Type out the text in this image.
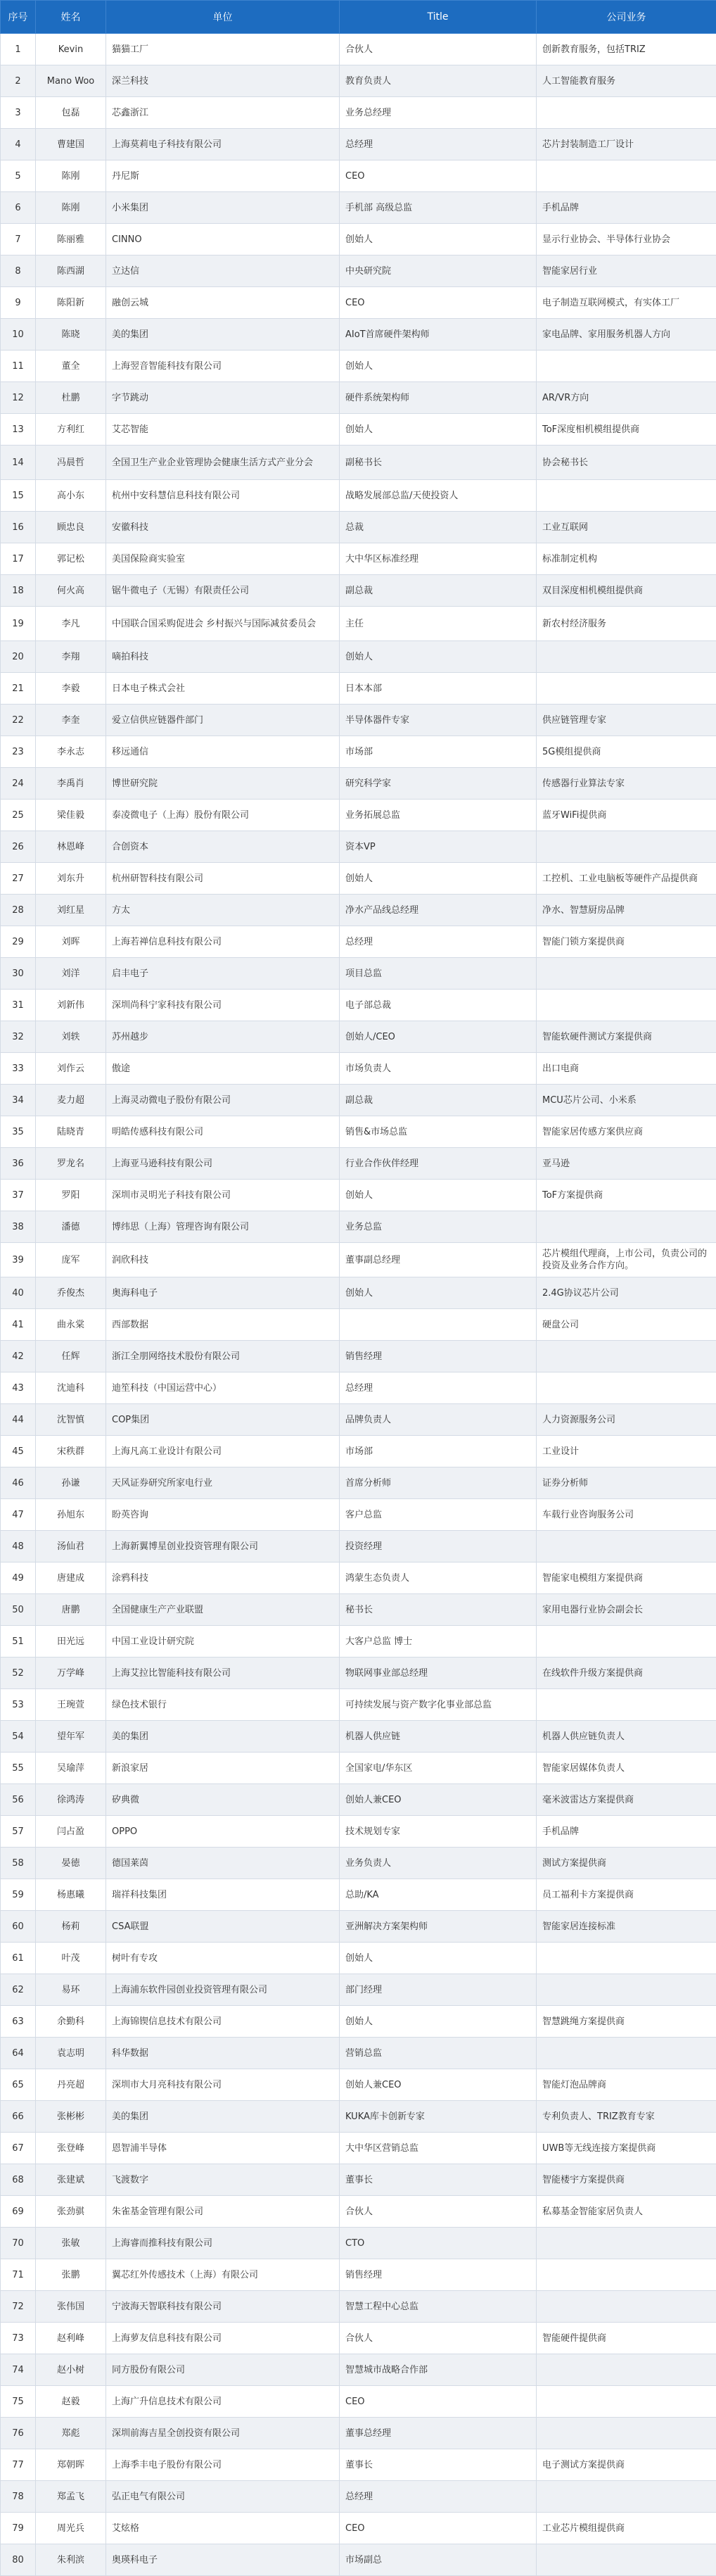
序号	姓名	单位	Title	公司业务
1	Kevin	猫猫工厂	合伙人	创新教育服务，包括TRIZ
2	Mano Woo	深兰科技	教育负责人	人工智能教育服务
3	包磊	芯鑫浙江	业务总经理	
4	曹建国	上海莫莉电子科技有限公司	总经理	芯片封装制造工厂设计
5	陈刚	丹尼斯	CEO	
6	陈刚	小米集团	手机部 高级总监	手机品牌
7	陈丽雅	CINNO	创始人	显示行业协会、半导体行业协会
8	陈西湖	立达信	中央研究院	智能家居行业
9	陈阳新	融创云城	CEO	电子制造互联网模式，有实体工厂
10	陈晓	美的集团	AIoT首席硬件架构师	家电品牌、家用服务机器人方向
11	董全	上海翌音智能科技有限公司	创始人	
12	杜鹏	字节跳动	硬件系统架构师	AR/VR方向
13	方利红	艾芯智能	创始人	ToF深度相机模组提供商
14	冯晨哲	全国卫生产业企业管理协会健康生活方式产业分会	副秘书长	协会秘书长
15	高小东	杭州中安科慧信息科技有限公司	战略发展部总监/天使投资人	
16	顾忠良	安徽科技	总裁	工业互联网
17	郭记松	美国保险商实验室	大中华区标准经理	标准制定机构
18	何火高	锯牛微电子（无锡）有限责任公司	副总裁	双目深度相机模组提供商
19	李凡	中国联合国采购促进会 乡村振兴与国际减贫委员会	主任	新农村经济服务
20	李翔	嘀拍科技	创始人	
21	李毅	日本电子株式会社	日本本部	
22	李奎	爱立信供应链器件部门	半导体器件专家	供应链管理专家
23	李永志	移远通信	市场部	5G模组提供商
24	李禹肖	博世研究院	研究科学家	传感器行业算法专家
25	梁佳毅	泰凌微电子（上海）股份有限公司	业务拓展总监	蓝牙WiFi提供商
26	林恩峰	合创资本	资本VP	
27	刘东升	杭州研智科技有限公司	创始人	工控机、工业电脑板等硬件产品提供商
28	刘红星	方太	净水产品线总经理	净水、智慧厨房品牌
29	刘晖	上海若禅信息科技有限公司	总经理	智能门锁方案提供商
30	刘洋	启丰电子	项目总监	
31	刘新伟	深圳尚科宁家科技有限公司	电子部总裁	
32	刘轶	苏州越步	创始人/CEO	智能软硬件测试方案提供商
33	刘作云	傲途	市场负责人	出口电商
34	麦力超	上海灵动微电子股份有限公司	副总裁	MCU芯片公司、小米系
35	陆晓青	明皓传感科技有限公司	销售&市场总监	智能家居传感方案供应商
36	罗龙名	上海亚马逊科技有限公司	行业合作伙伴经理	亚马逊
37	罗阳	深圳市灵明光子科技有限公司	创始人	ToF方案提供商
38	潘德	博纬思（上海）管理咨询有限公司	业务总监	
39	庞军	润欣科技	董事副总经理	芯片模组代理商，上市公司，负责公司的投资及业务合作方向。
40	乔俊杰	奥海科电子	创始人	2.4G协议芯片公司
41	曲永棠	西部数据		硬盘公司
42	任辉	浙江全朋网络技术股份有限公司	销售经理	
43	沈迪科	迪笙科技（中国运营中心）	总经理	
44	沈智慎	COP集团	品牌负责人	人力资源服务公司
45	宋秩群	上海凡高工业设计有限公司	市场部	工业设计
46	孙谦	天风证券研究所家电行业	首席分析师	证券分析师
47	孙旭东	盼英咨询	客户总监	车载行业咨询服务公司
48	汤仙君	上海新翼博星创业投资管理有限公司	投资经理	
49	唐建成	涂鸦科技	鸿蒙生态负责人	智能家电模组方案提供商
50	唐鹏	全国健康生产产业联盟	秘书长	家用电器行业协会副会长
51	田光远	中国工业设计研究院	大客户总监 博士	
52	万学峰	上海艾拉比智能科技有限公司	物联网事业部总经理	在线软件升级方案提供商
53	王琬萱	绿色技术银行	可持续发展与资产数字化事业部总监	
54	望年军	美的集团	机器人供应链	机器人供应链负责人
55	吴瑜萍	新浪家居	全国家电/华东区	智能家居媒体负责人
56	徐鸿涛	矽典微	创始人兼CEO	毫米波雷达方案提供商
57	闫占盈	OPPO	技术规划专家	手机品牌
58	晏徳	德国莱茵	业务负责人	测试方案提供商
59	杨惠曦	瑞祥科技集团	总助/KA	员工福利卡方案提供商
60	杨莉	CSA联盟	亚洲解决方案架构师	智能家居连接标准
61	叶茂	树叶有专攻	创始人	
62	易环	上海浦东软件园创业投资管理有限公司	部门经理	
63	余勤科	上海锦锲信息技术有限公司	创始人	智慧跳绳方案提供商
64	袁志明	科华数据	营销总监	
65	丹亮超	深圳市大月亮科技有限公司	创始人兼CEO	智能灯泡品牌商
66	张彬彬	美的集团	KUKA库卡创新专家	专利负责人、TRIZ教育专家
67	张登峰	恩智浦半导体	大中华区营销总监	UWB等无线连接方案提供商
68	张建斌	飞渡数字	董事长	智能楼宇方案提供商
69	张劲骐	朱雀基金管理有限公司	合伙人	私募基金智能家居负责人
70	张敏	上海睿而推科技有限公司	CTO	
71	张鹏	翼芯红外传感技术（上海）有限公司	销售经理	
72	张伟国	宁波海天智联科技有限公司	智慧工程中心总监	
73	赵利峰	上海萝友信息科技有限公司	合伙人	智能硬件提供商
74	赵小树	同方股份有限公司	智慧城市战略合作部	
75	赵毅	上海广升信息技术有限公司	CEO	
76	郑彪	深圳前海吉星全创投资有限公司	董事总经理	
77	郑朝晖	上海季丰电子股份有限公司	董事长	电子测试方案提供商
78	郑孟飞	弘正电气有限公司	总经理	
79	周光兵	艾炫格	CEO	工业芯片模组提供商
80	朱利滨	奥瑛科电子	市场副总	
